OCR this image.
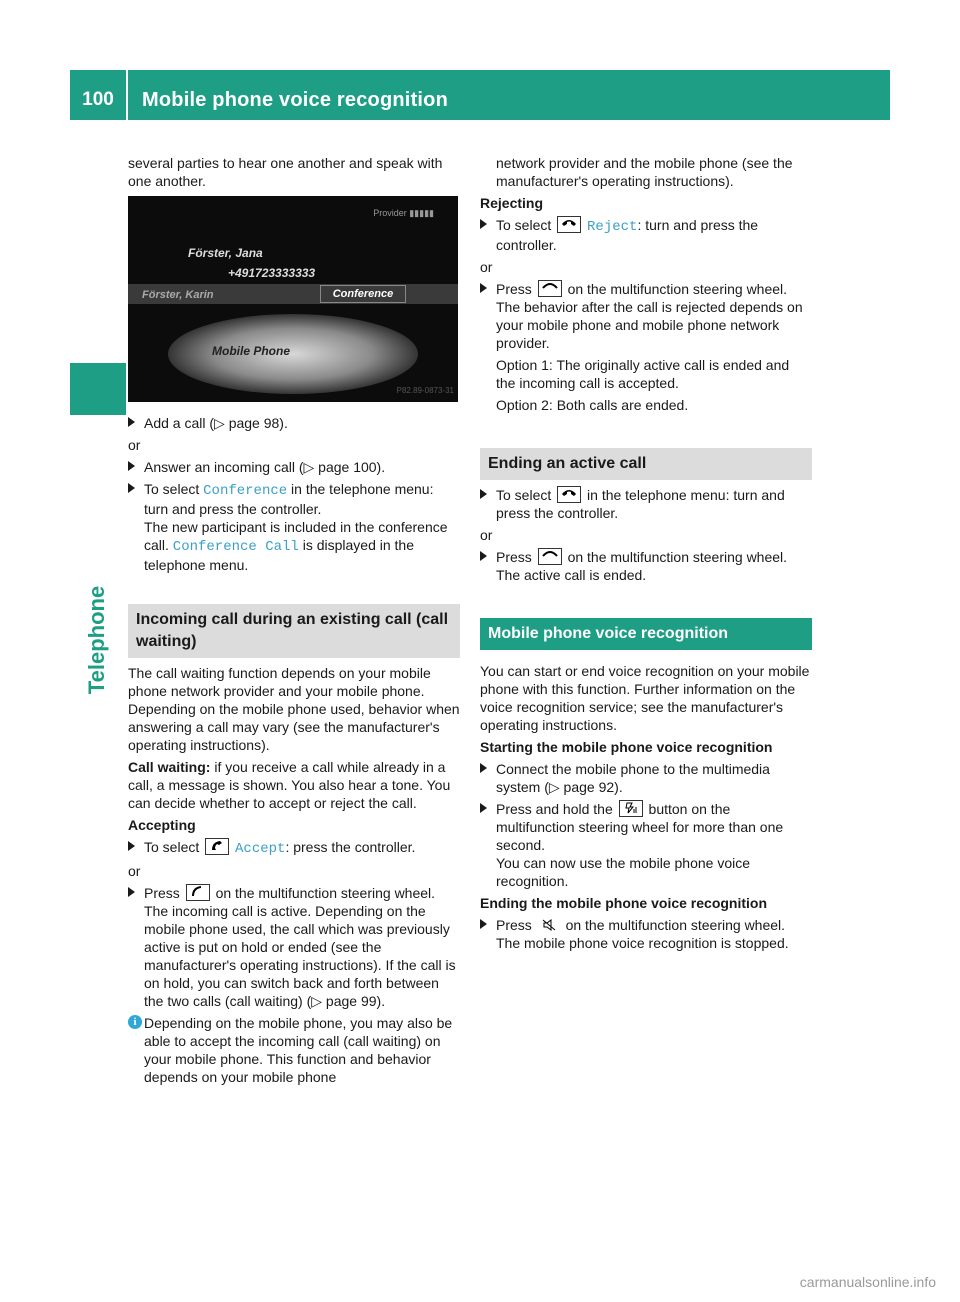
100	Mobile phone voice recognition
Telephone

several parties to hear one another and speak with one another.

Provider ▮▮▮▮▮
Förster, Jana
+491723333333
Förster, Karin	Conference
Mobile Phone
P82.89-0873-31
Add a call (▷ page 98).

or

Answer an incoming call (▷ page 100).
To select Conference in the telephone menu: turn and press the controller.
The new participant is included in the conference call. Conference Call is displayed in the telephone menu.
Incoming call during an existing call (call waiting)

The call waiting function depends on your mobile phone network provider and your mobile phone. Depending on the mobile phone used, behavior when answering a call may vary (see the manufacturer's operating instructions).

Call waiting: if you receive a call while already in a call, a message is shown. You also hear a tone. You can decide whether to accept or reject the call.

Accepting

To select
Accept: press the controller.

or

Press
on the multifunction steering wheel.
The incoming call is active. Depending on the mobile phone used, the call which was previously active is put on hold or ended (see the manufacturer's operating instructions). If the call is on hold, you can switch back and forth between the two calls (call waiting) (▷ page 99).
i Depending on the mobile phone, you may also be able to accept the incoming call (call waiting) on your mobile phone. This function and behavior depends on your mobile phone

network provider and the mobile phone (see the manufacturer's operating instructions).

Rejecting

To select
Reject: turn and press the controller.

or

Press
on the multifunction steering wheel.
The behavior after the call is rejected depends on your mobile phone and mobile phone network provider.

Option 1: The originally active call is ended and the incoming call is accepted.

Option 2: Both calls are ended.

Ending an active call
To select
in the telephone menu: turn and press the controller.

or

Press
on the multifunction steering wheel.
The active call is ended.
Mobile phone voice recognition

You can start or end voice recognition on your mobile phone with this function. Further information on the voice recognition service; see the manufacturer's operating instructions.

Starting the mobile phone voice recognition

Connect the mobile phone to the multimedia system (▷ page 92).
Press and hold the
button on the multifunction steering wheel for more than one second.
You can now use the mobile phone voice recognition.

Ending the mobile phone voice recognition

Press
on the multifunction steering wheel.
The mobile phone voice recognition is stopped.
carmanualsonline.info
